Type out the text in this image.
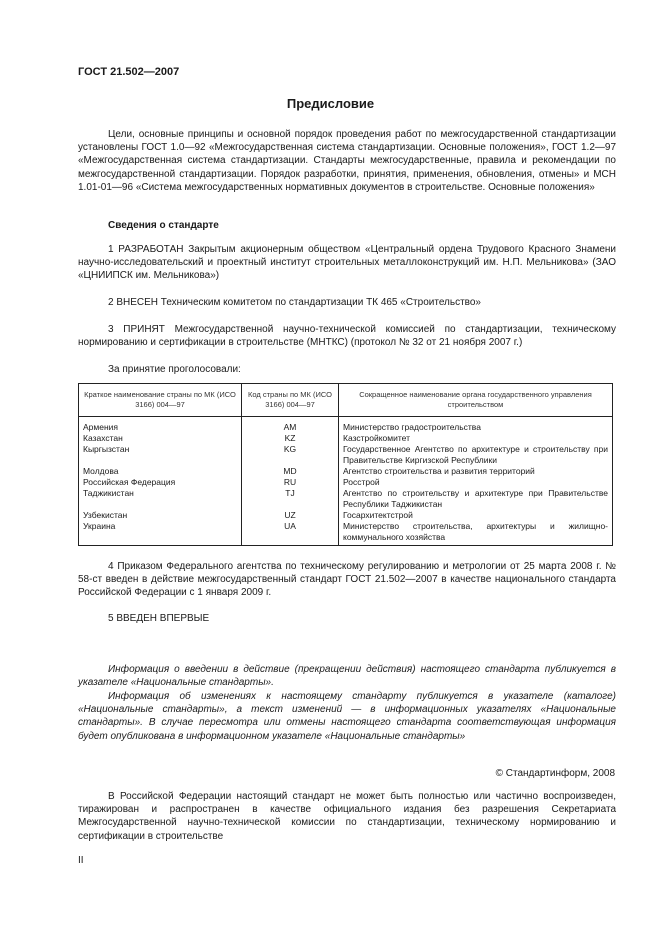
ГОСТ 21.502—2007
Предисловие
Цели, основные принципы и основной порядок проведения работ по межгосударственной стандартизации установлены ГОСТ 1.0—92 «Межгосударственная система стандартизации. Основные положения», ГОСТ 1.2—97 «Межгосударственная система стандартизации. Стандарты межгосударственные, правила и рекомендации по межгосударственной стандартизации. Порядок разработки, принятия, применения, обновления, отмены» и МСН 1.01-01—96 «Система межгосударственных нормативных документов в строительстве. Основные положения»
Сведения о стандарте
1 РАЗРАБОТАН Закрытым акционерным обществом «Центральный ордена Трудового Красного Знамени научно-исследовательский и проектный институт строительных металлоконструкций им. Н.П. Мельникова» (ЗАО «ЦНИИПСК им. Мельникова»)
2 ВНЕСЕН Техническим комитетом по стандартизации ТК 465 «Строительство»
3 ПРИНЯТ Межгосударственной научно-технической комиссией по стандартизации, техническому нормированию и сертификации в строительстве (МНТКС) (протокол № 32 от 21 ноября 2007 г.)
За принятие проголосовали:
Краткое наименование страны по МК (ИСО 3166) 004—97	Код страны по МК (ИСО 3166) 004—97	Сокращенное наименование органа государственного управления строительством
Армения	AM	Министерство градостроительства
Казахстан	KZ	Казстройкомитет
Кыргызстан	KG	Государственное Агентство по архитектуре и строительству при Правительстве Киргизской Республики
Молдова	MD	Агентство строительства и развития территорий
Российская Федерация	RU	Росстрой
Таджикистан	TJ	Агентство по строительству и архитектуре при Правительстве Республики Таджикистан
Узбекистан	UZ	Госархитектстрой
Украина	UA	Министерство строительства, архитектуры и жилищно-коммунального хозяйства
4 Приказом Федерального агентства по техническому регулированию и метрологии от 25 марта 2008 г. № 58-ст введен в действие межгосударственный стандарт ГОСТ 21.502—2007 в качестве национального стандарта Российской Федерации с 1 января 2009 г.
5 ВВЕДЕН ВПЕРВЫЕ
Информация о введении в действие (прекращении действия) настоящего стандарта публикуется в указателе «Национальные стандарты».
Информация об изменениях к настоящему стандарту публикуется в указателе (каталоге) «Национальные стандарты», а текст изменений — в информационных указателях «Национальные стандарты». В случае пересмотра или отмены настоящего стандарта соответствующая информация будет опубликована в информационном указателе «Национальные стандарты»
© Стандартинформ, 2008
В Российской Федерации настоящий стандарт не может быть полностью или частично воспроизведен, тиражирован и распространен в качестве официального издания без разрешения Секретариата Межгосударственной научно-технической комиссии по стандартизации, техническому нормированию и сертификации в строительстве
II
